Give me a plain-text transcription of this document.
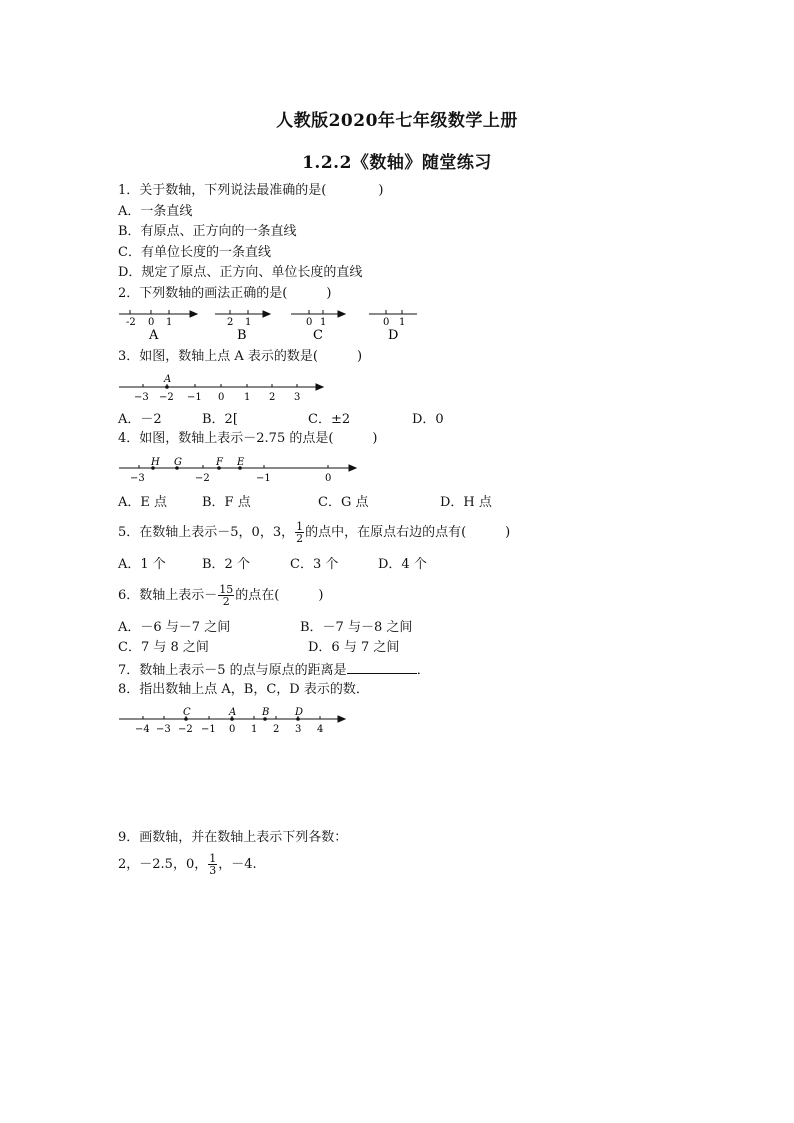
人教版2020年七年级数学上册
1.2.2《数轴》随堂练习
1．关于数轴，下列说法最准确的是(　　　　)
A．一条直线
B．有原点、正方向的一条直线
C．有单位长度的一条直线
D．规定了原点、正方向、单位长度的直线
2．下列数轴的画法正确的是(　　　)
-2 0 1
A
2 1
B
0 1
C
0 1
D
A
−3 −2 −1 0 1 2 3
H G	F E
−3	−2	−1	0
C	A	B	D
−4 −3 −2 −1 0 1 2 3 4
3．如图，数轴上点 A 表示的数是(　　　)
A．－2	B．2[	C．±2	D．0
4．如图，数轴上表示－2.75 的点是(　　　)
A．E 点	B．F 点	C．G 点	D．H 点
5．在数轴上表示－5，0，3， $\frac{1}{2}$ 的点中，在原点右边的点有(　　　)
A．1 个	B．2 个	C．3 个	D．4 个
6．数轴上表示－ $\frac{15}{2}$ 的点在(　　　)
A．－6 与－7 之间	B．－7 与－8 之间
C．7 与 8 之间	D．6 与 7 之间
7．数轴上表示－5 的点与原点的距离是	．
8．指出数轴上点 A，B，C，D 表示的数．
9．画数轴，并在数轴上表示下列各数：
2，－2.5，0， $\frac{1}{3}$ ，－4.
